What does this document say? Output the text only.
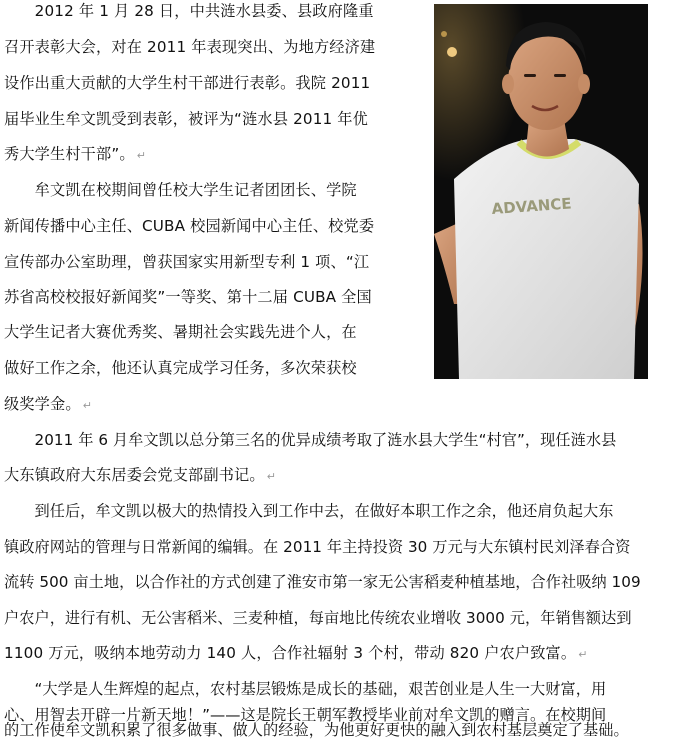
　　2012 年 1 月 28 日，中共涟水县委、县政府隆重
召开表彰大会，对在 2011 年表现突出、为地方经济建
设作出重大贡献的大学生村干部进行表彰。我院 2011
届毕业生牟文凯受到表彰，被评为“涟水县 2011 年优
秀大学生村干部”。 ↵
　　牟文凯在校期间曾任校大学生记者团团长、学院
新闻传播中心主任、CUBA 校园新闻中心主任、校党委
宣传部办公室助理，曾获国家实用新型专利 1 项、“江
苏省高校校报好新闻奖”一等奖、第十二届 CUBA 全国
大学生记者大赛优秀奖、暑期社会实践先进个人，在
做好工作之余，他还认真完成学习任务，多次荣获校
级奖学金。 ↵
　　2011 年 6 月牟文凯以总分第三名的优异成绩考取了涟水县大学生“村官”，现任涟水县
大东镇政府大东居委会党支部副书记。 ↵
　　到任后，牟文凯以极大的热情投入到工作中去，在做好本职工作之余，他还肩负起大东
镇政府网站的管理与日常新闻的编辑。在 2011 年主持投资 30 万元与大东镇村民刘泽春合资
流转 500 亩土地，以合作社的方式创建了淮安市第一家无公害稻麦种植基地，合作社吸纳 109
户农户，进行有机、无公害稻米、三麦种植，每亩地比传统农业增收 3000 元，年销售额达到
1100 万元，吸纳本地劳动力 140 人，合作社辐射 3 个村，带动 820 户农户致富。 ↵
　　“大学是人生辉煌的起点，农村基层锻炼是成长的基础，艰苦创业是人生一大财富，用
心、用智去开辟一片新天地！”——这是院长王朝军教授毕业前对牟文凯的赠言。在校期间
的工作使牟文凯积累了很多做事、做人的经验，为他更好更快的融入到农村基层奠定了基础。
ADVANCE
